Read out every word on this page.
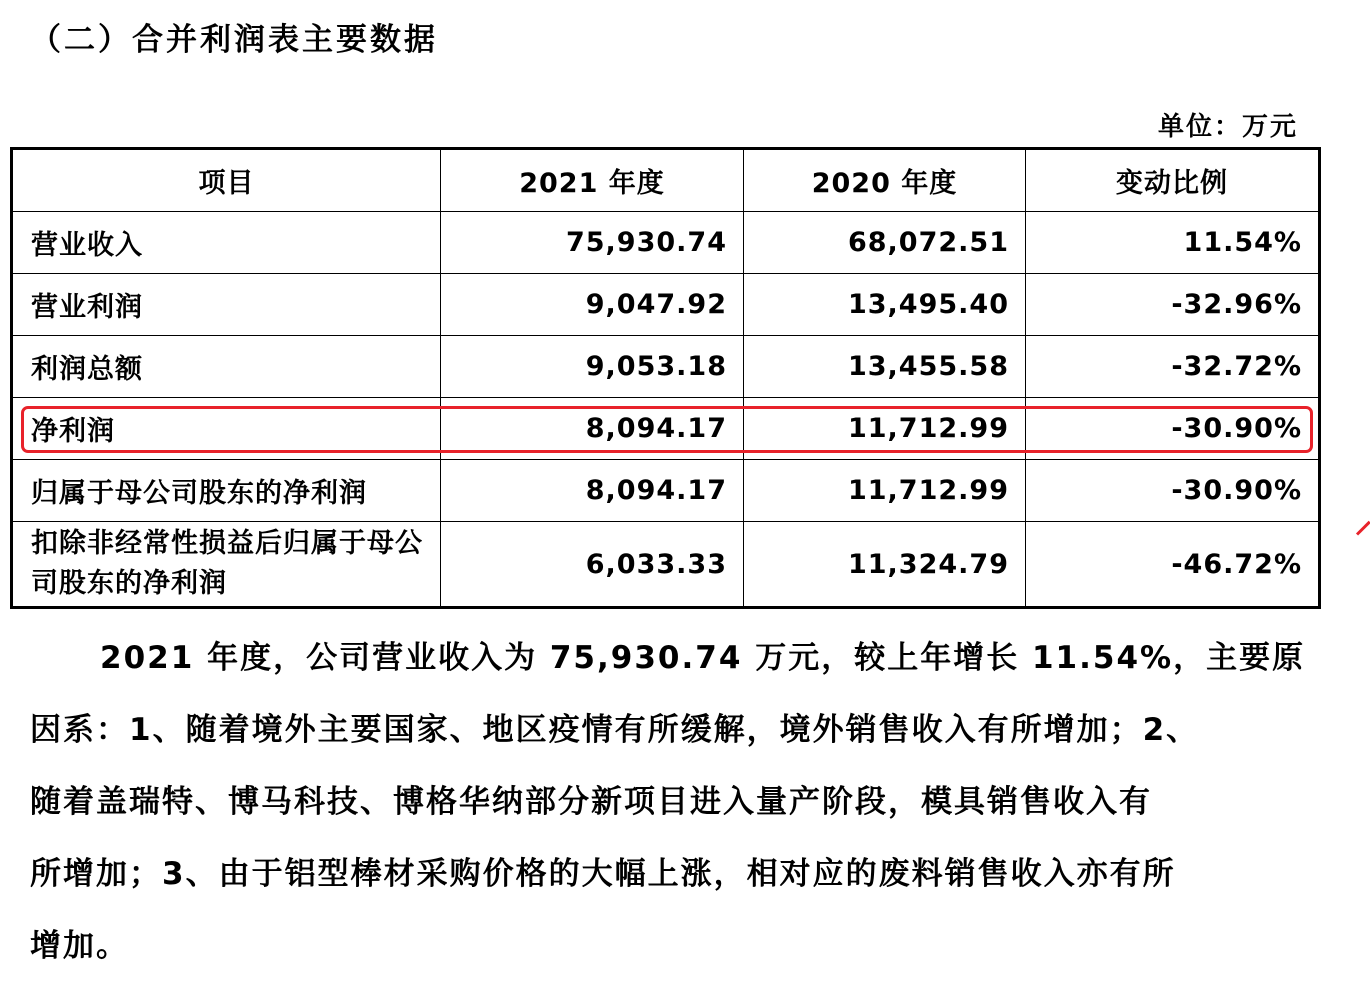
（二）合并利润表主要数据
单位：万元
项目	2021 年度	2020 年度	变动比例
营业收入	75,930.74	68,072.51	11.54%
营业利润	9,047.92	13,495.40	-32.96%
利润总额	9,053.18	13,455.58	-32.72%
净利润	8,094.17	11,712.99	-30.90%
归属于母公司股东的净利润	8,094.17	11,712.99	-30.90%
扣除非经常性损益后归属于母公司股东的净利润	6,033.33	11,324.79	-46.72%
2021 年度，公司营业收入为 75,930.74 万元，较上年增长 11.54%，主要原
因系：1、随着境外主要国家、地区疫情有所缓解，境外销售收入有所增加；2、
随着盖瑞特、博马科技、博格华纳部分新项目进入量产阶段，模具销售收入有
所增加；3、由于铝型棒材采购价格的大幅上涨，相对应的废料销售收入亦有所
增加。
